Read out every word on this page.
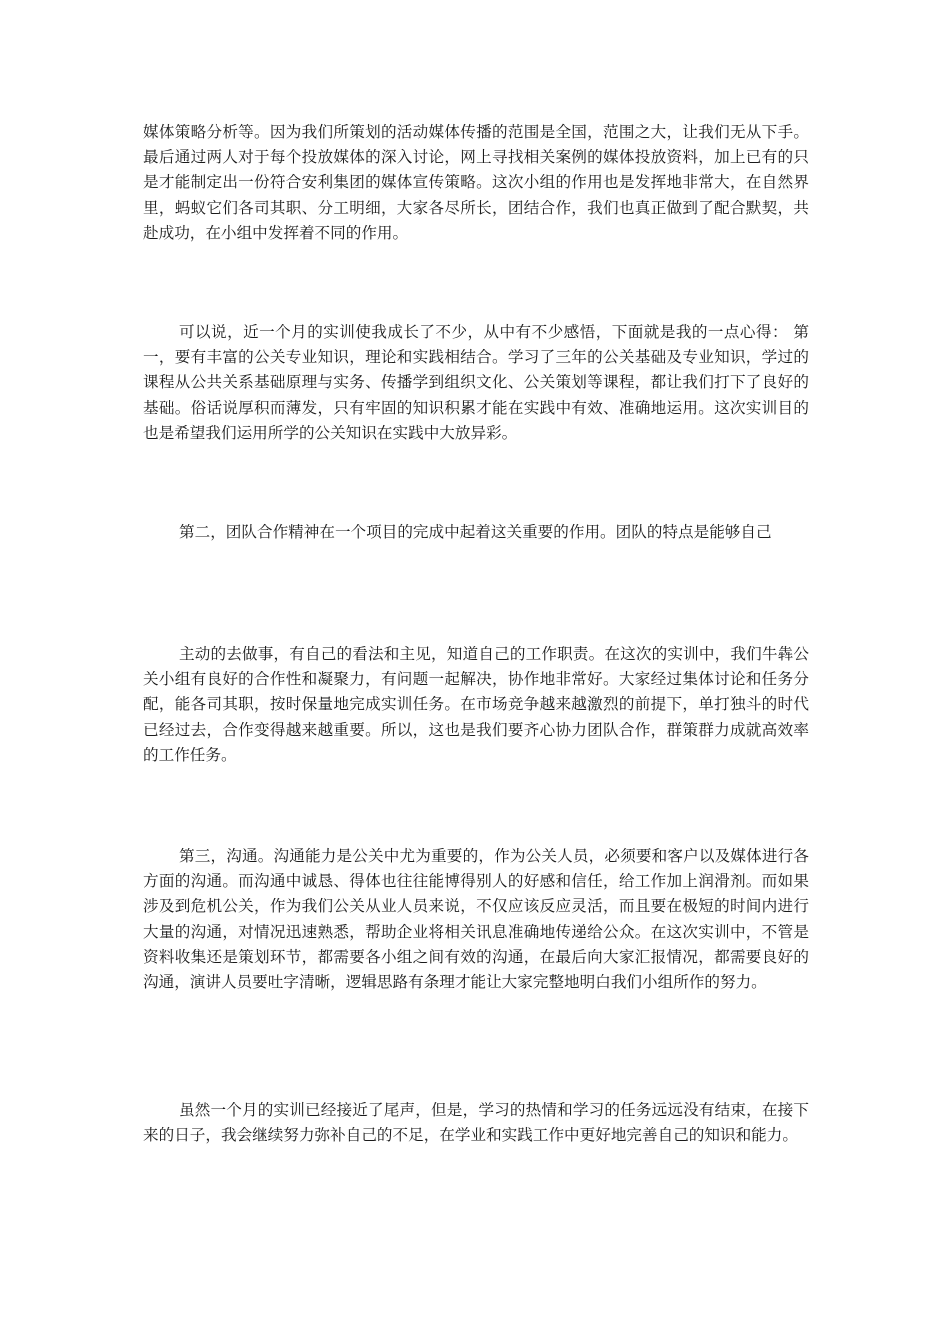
媒体策略分析等。因为我们所策划的活动媒体传播的范围是全国，范围之大，让我们无从下手。最后通过两人对于每个投放媒体的深入讨论，网上寻找相关案例的媒体投放资料，加上已有的只是才能制定出一份符合安利集团的媒体宣传策略。这次小组的作用也是发挥地非常大，在自然界里，蚂蚁它们各司其职、分工明细，大家各尽所长，团结合作，我们也真正做到了配合默契，共赴成功，在小组中发挥着不同的作用。

可以说，近一个月的实训使我成长了不少，从中有不少感悟，下面就是我的一点心得： 第一，要有丰富的公关专业知识，理论和实践相结合。学习了三年的公关基础及专业知识，学过的课程从公共关系基础原理与实务、传播学到组织文化、公关策划等课程，都让我们打下了良好的基础。俗话说厚积而薄发，只有牢固的知识积累才能在实践中有效、准确地运用。这次实训目的也是希望我们运用所学的公关知识在实践中大放异彩。

第二，团队合作精神在一个项目的完成中起着这关重要的作用。团队的特点是能够自己

主动的去做事，有自己的看法和主见，知道自己的工作职责。在这次的实训中，我们牛犇公关小组有良好的合作性和凝聚力，有问题一起解决，协作地非常好。大家经过集体讨论和任务分配，能各司其职，按时保量地完成实训任务。在市场竞争越来越激烈的前提下，单打独斗的时代已经过去，合作变得越来越重要。所以，这也是我们要齐心协力团队合作，群策群力成就高效率的工作任务。

第三，沟通。沟通能力是公关中尤为重要的，作为公关人员，必须要和客户以及媒体进行各方面的沟通。而沟通中诚恳、得体也往往能博得别人的好感和信任，给工作加上润滑剂。而如果涉及到危机公关，作为我们公关从业人员来说，不仅应该反应灵活，而且要在极短的时间内进行大量的沟通，对情况迅速熟悉，帮助企业将相关讯息准确地传递给公众。在这次实训中，不管是资料收集还是策划环节，都需要各小组之间有效的沟通，在最后向大家汇报情况，都需要良好的沟通，演讲人员要吐字清晰，逻辑思路有条理才能让大家完整地明白我们小组所作的努力。

虽然一个月的实训已经接近了尾声，但是，学习的热情和学习的任务远远没有结束，在接下来的日子，我会继续努力弥补自己的不足，在学业和实践工作中更好地完善自己的知识和能力。
